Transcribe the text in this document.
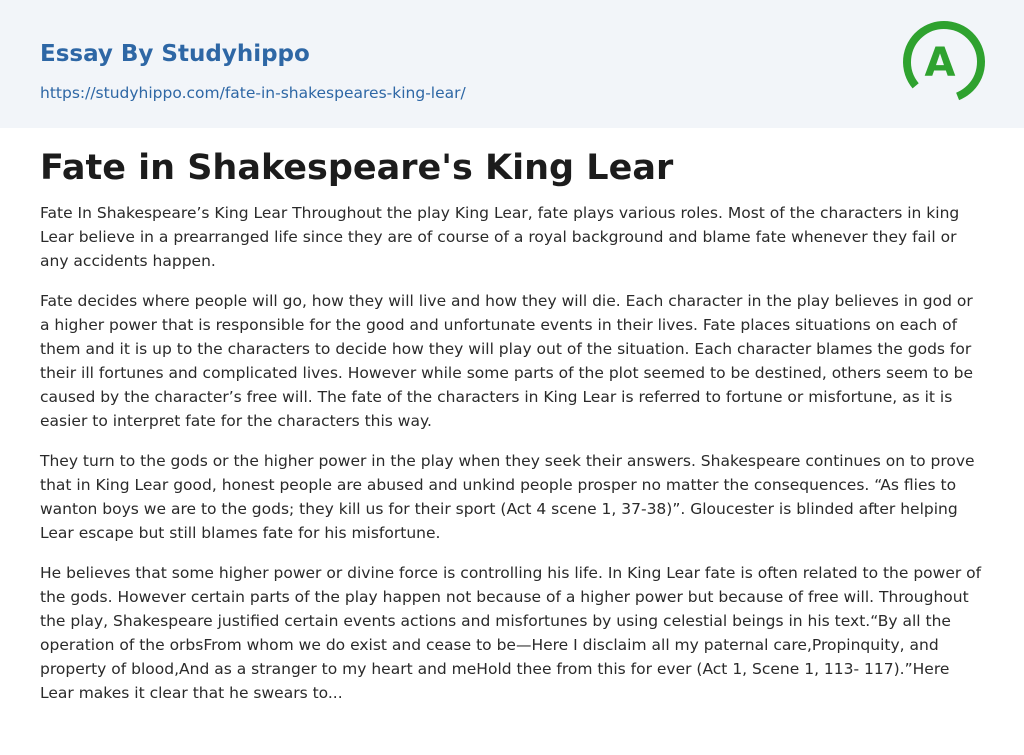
Essay By Studyhippo
https://studyhippo.com/fate-in-shakespeares-king-lear/
A
Fate in Shakespeare's King Lear

Fate In Shakespeare’s King Lear Throughout the play King Lear, fate plays various roles. Most of the characters in king Lear believe in a prearranged life since they are of course of a royal background and blame fate whenever they fail or any accidents happen.

Fate decides where people will go, how they will live and how they will die. Each character in the play believes in god or a higher power that is responsible for the good and unfortunate events in their lives. Fate places situations on each of them and it is up to the characters to decide how they will play out of the situation. Each character blames the gods for their ill fortunes and complicated lives. However while some parts of the plot seemed to be destined, others seem to be caused by the character’s free will. The fate of the characters in King Lear is referred to fortune or misfortune, as it is easier to interpret fate for the characters this way.

They turn to the gods or the higher power in the play when they seek their answers. Shakespeare continues on to prove that in King Lear good, honest people are abused and unkind people prosper no matter the consequences. “As flies to wanton boys we are to the gods; they kill us for their sport (Act 4 scene 1, 37-38)”. Gloucester is blinded after helping Lear escape but still blames fate for his misfortune.

He believes that some higher power or divine force is controlling his life. In King Lear fate is often related to the power of the gods. However certain parts of the play happen not because of a higher power but because of free will. Throughout the play, Shakespeare justified certain events actions and misfortunes by using celestial beings in his text.“By all the operation of the orbsFrom whom we do exist and cease to be—Here I disclaim all my paternal care,Propinquity, and property of blood,And as a stranger to my heart and meHold thee from this for ever (Act 1, Scene 1, 113- 117).”Here Lear makes it clear that he swears to...
